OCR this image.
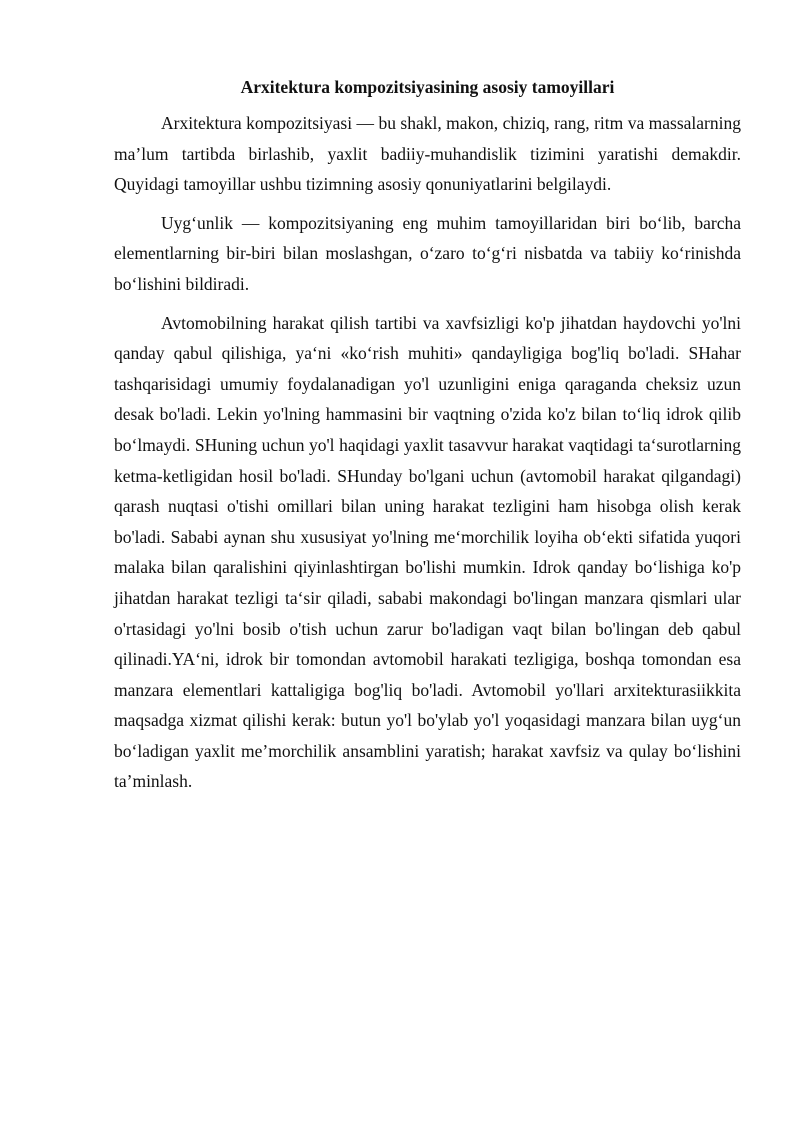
Arxitektura kompozitsiyasining asosiy tamoyillari

Arxitektura kompozitsiyasi — bu shakl, makon, chiziq, rang, ritm va massalarning ma’lum tartibda birlashib, yaxlit badiiy-muhandislik tizimini yaratishi demakdir. Quyidagi tamoyillar ushbu tizimning asosiy qonuniyatlarini belgilaydi.

Uyg‘unlik — kompozitsiyaning eng muhim tamoyillaridan biri bo‘lib, barcha elementlarning bir-biri bilan moslashgan, o‘zaro to‘g‘ri nisbatda va tabiiy ko‘rinishda bo‘lishini bildiradi.

Avtomobilning harakat qilish tartibi va xavfsizligi ko'p jihatdan haydovchi yo'lni qanday qabul qilishiga, ya‘ni «ko‘rish muhiti» qandayligiga bog'liq bo'ladi. SHahar tashqarisidagi umumiy foydalanadigan yo'l uzunligini eniga qaraganda cheksiz uzun desak bo'ladi. Lekin yo'lning hammasini bir vaqtning o'zida ko'z bilan to‘liq idrok qilib bo‘lmaydi. SHuning uchun yo'l haqidagi yaxlit tasavvur harakat vaqtidagi ta‘surotlarning ketma-ketligidan hosil bo'ladi. SHunday bo'lgani uchun (avtomobil harakat qilgandagi) qarash nuqtasi o'tishi omillari bilan uning harakat tezligini ham hisobga olish kerak bo'ladi. Sababi aynan shu xususiyat yo'lning me‘morchilik loyiha ob‘ekti sifatida yuqori malaka bilan qaralishini qiyinlashtirgan bo'lishi mumkin. Idrok qanday bo‘lishiga ko'p jihatdan harakat tezligi ta‘sir qiladi, sababi makondagi bo'lingan manzara qismlari ular o'rtasidagi yo'lni bosib o'tish uchun zarur bo'ladigan vaqt bilan bo'lingan deb qabul qilinadi.YA‘ni, idrok bir tomondan avtomobil harakati tezligiga, boshqa tomondan esa manzara elementlari kattaligiga bog'liq bo'ladi. Avtomobil yo'llari arxitekturasiikkita maqsadga xizmat qilishi kerak: butun yo'l bo'ylab yo'l yoqasidagi manzara bilan uyg‘un bo‘ladigan yaxlit me’morchilik ansamblini yaratish; harakat xavfsiz va qulay bo‘lishini ta’minlash.
